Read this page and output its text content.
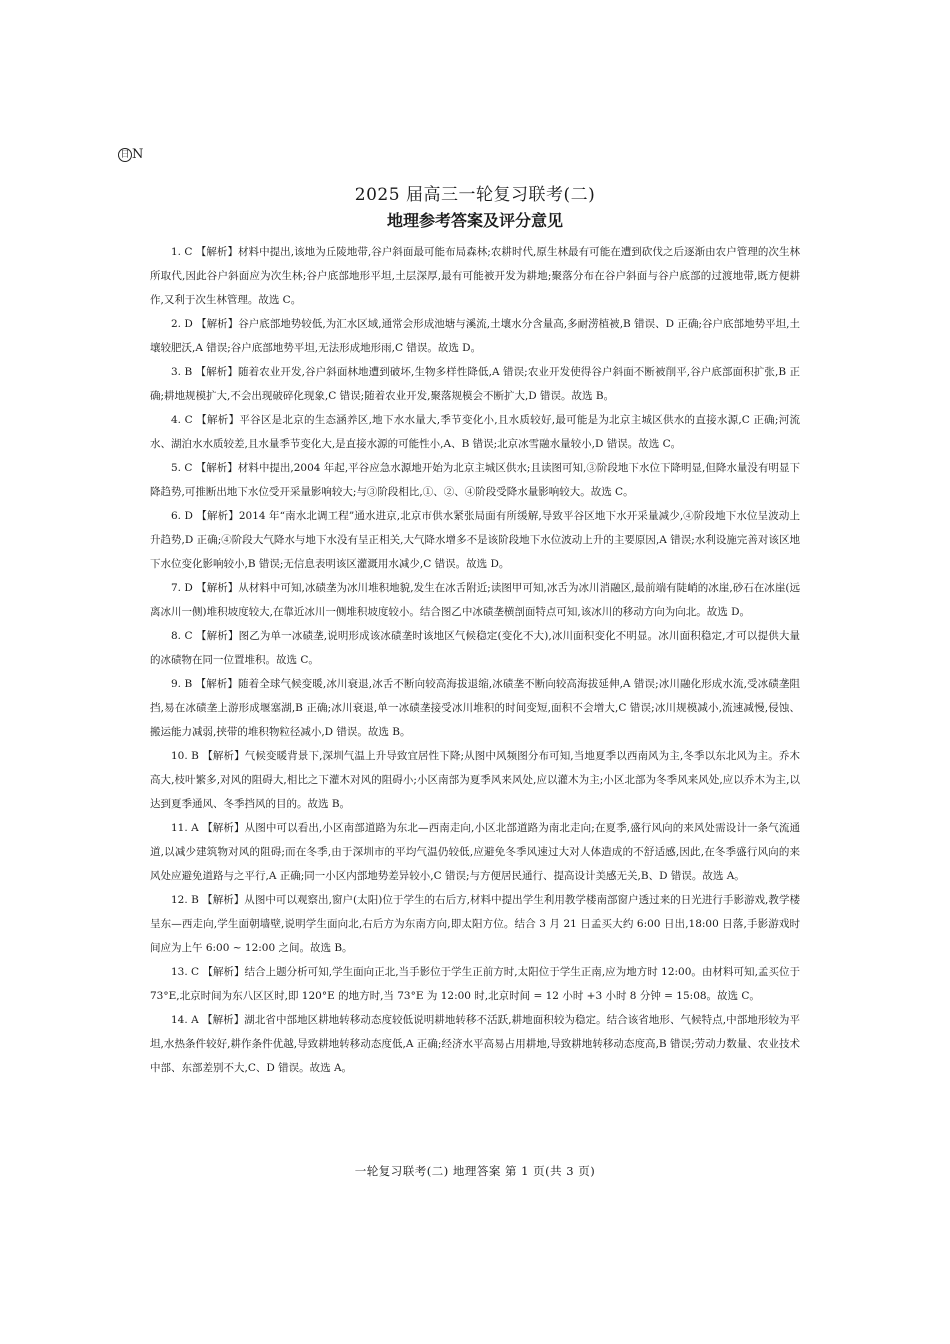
日 N
2025 届高三一轮复习联考(二)
地理参考答案及评分意见

1. C 【解析】材料中提出,该地为丘陵地带,谷户斜面最可能布局森林;农耕时代,原生林最有可能在遭到砍伐之后逐渐由农户管理的次生林所取代,因此谷户斜面应为次生林;谷户底部地形平坦,土层深厚,最有可能被开发为耕地;聚落分布在谷户斜面与谷户底部的过渡地带,既方便耕作,又利于次生林管理。故选 C。

2. D 【解析】谷户底部地势较低,为汇水区域,通常会形成池塘与溪流,土壤水分含量高,多耐涝植被,B 错误、D 正确;谷户底部地势平坦,土壤较肥沃,A 错误;谷户底部地势平坦,无法形成地形雨,C 错误。故选 D。

3. B 【解析】随着农业开发,谷户斜面林地遭到破坏,生物多样性降低,A 错误;农业开发使得谷户斜面不断被削平,谷户底部面积扩张,B 正确;耕地规模扩大,不会出现破碎化现象,C 错误;随着农业开发,聚落规模会不断扩大,D 错误。故选 B。

4. C 【解析】平谷区是北京的生态涵养区,地下水水量大,季节变化小,且水质较好,最可能是为北京主城区供水的直接水源,C 正确;河流水、湖泊水水质较差,且水量季节变化大,是直接水源的可能性小,A、B 错误;北京冰雪融水量较小,D 错误。故选 C。

5. C 【解析】材料中提出,2004 年起,平谷应急水源地开始为北京主城区供水;且读图可知,③阶段地下水位下降明显,但降水量没有明显下降趋势,可推断出地下水位受开采量影响较大;与③阶段相比,①、②、④阶段受降水量影响较大。故选 C。

6. D 【解析】2014 年“南水北调工程”通水进京,北京市供水紧张局面有所缓解,导致平谷区地下水开采量减少,④阶段地下水位呈波动上升趋势,D 正确;④阶段大气降水与地下水没有呈正相关,大气降水增多不是该阶段地下水位波动上升的主要原因,A 错误;水利设施完善对该区地下水位变化影响较小,B 错误;无信息表明该区灌溉用水减少,C 错误。故选 D。

7. D 【解析】从材料中可知,冰碛垄为冰川堆积地貌,发生在冰舌附近;读图甲可知,冰舌为冰川消融区,最前端有陡峭的冰崖,砂石在冰崖(远离冰川一侧)堆积坡度较大,在靠近冰川一侧堆积坡度较小。结合图乙中冰碛垄横剖面特点可知,该冰川的移动方向为向北。故选 D。

8. C 【解析】图乙为单一冰碛垄,说明形成该冰碛垄时该地区气候稳定(变化不大),冰川面积变化不明显。冰川面积稳定,才可以提供大量的冰碛物在同一位置堆积。故选 C。

9. B 【解析】随着全球气候变暖,冰川衰退,冰舌不断向较高海拔退缩,冰碛垄不断向较高海拔延伸,A 错误;冰川融化形成水流,受冰碛垄阻挡,易在冰碛垄上游形成堰塞湖,B 正确;冰川衰退,单一冰碛垄接受冰川堆积的时间变短,面积不会增大,C 错误;冰川规模减小,流速减慢,侵蚀、搬运能力减弱,挟带的堆积物粒径减小,D 错误。故选 B。

10. B 【解析】气候变暖背景下,深圳气温上升导致宜居性下降;从图中风频图分布可知,当地夏季以西南风为主,冬季以东北风为主。乔木高大,枝叶繁多,对风的阻碍大,相比之下灌木对风的阻碍小;小区南部为夏季风来风处,应以灌木为主;小区北部为冬季风来风处,应以乔木为主,以达到夏季通风、冬季挡风的目的。故选 B。

11. A 【解析】从图中可以看出,小区南部道路为东北—西南走向,小区北部道路为南北走向;在夏季,盛行风向的来风处需设计一条气流通道,以减少建筑物对风的阻碍;而在冬季,由于深圳市的平均气温仍较低,应避免冬季风速过大对人体造成的不舒适感,因此,在冬季盛行风向的来风处应避免道路与之平行,A 正确;同一小区内部地势差异较小,C 错误;与方便居民通行、提高设计美感无关,B、D 错误。故选 A。

12. B 【解析】从图中可以观察出,窗户(太阳)位于学生的右后方,材料中提出学生利用教学楼南部窗户透过来的日光进行手影游戏,教学楼呈东—西走向,学生面朝墙壁,说明学生面向北,右后方为东南方向,即太阳方位。结合 3 月 21 日孟买大约 6:00 日出,18:00 日落,手影游戏时间应为上午 6:00 ~ 12:00 之间。故选 B。

13. C 【解析】结合上题分析可知,学生面向正北,当手影位于学生正前方时,太阳位于学生正南,应为地方时 12:00。由材料可知,孟买位于 73°E,北京时间为东八区区时,即 120°E 的地方时,当 73°E 为 12:00 时,北京时间 = 12 小时 +3 小时 8 分钟 = 15:08。故选 C。

14. A 【解析】湖北省中部地区耕地转移动态度较低说明耕地转移不活跃,耕地面积较为稳定。结合该省地形、气候特点,中部地形较为平坦,水热条件较好,耕作条件优越,导致耕地转移动态度低,A 正确;经济水平高易占用耕地,导致耕地转移动态度高,B 错误;劳动力数量、农业技术中部、东部差别不大,C、D 错误。故选 A。

一轮复习联考(二) 地理答案 第 1 页(共 3 页)
